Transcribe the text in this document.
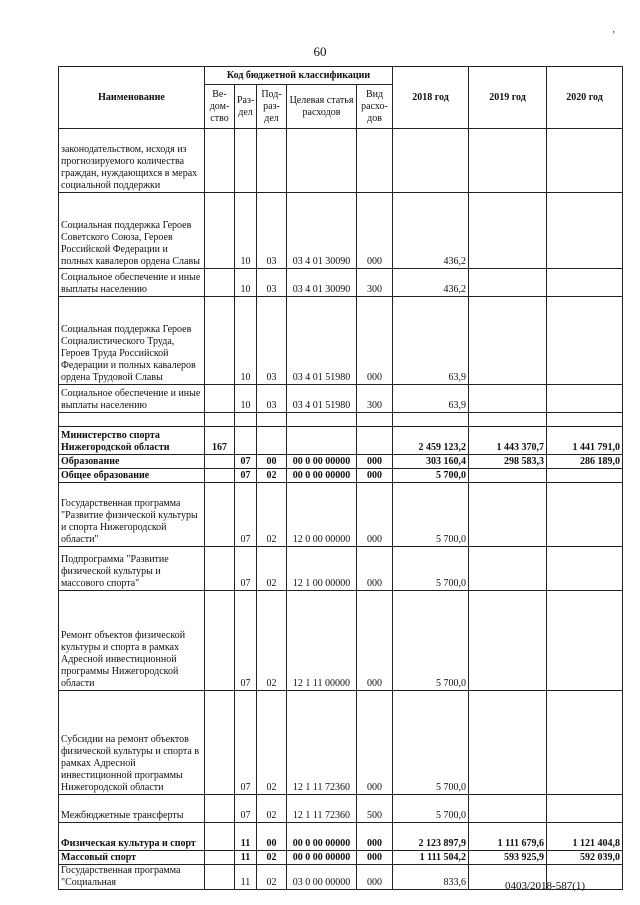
60
’
Наименование	Код бюджетной классификации					2018 год	2019 год	2020 год
	Ве- дом- ство	Раз- дел	Под- раз- дел	Целевая статья расходов	Вид расхо- дов			
законодательством, исходя из прогнозируемого количества граждан, нуждающихся в мерах социальной поддержки								
Социальная поддержка Героев Советского Союза, Героев Российской Федерации и полных кавалеров ордена Славы		10	03	03 4 01 30090	000	436,2		
Социальное обеспечение и иные выплаты населению		10	03	03 4 01 30090	300	436,2		
Социальная поддержка Героев Социалистического Труда, Героев Труда Российской Федерации и полных кавалеров ордена Трудовой Славы		10	03	03 4 01 51980	000	63,9		
Социальное обеспечение и иные выплаты населению		10	03	03 4 01 51980	300	63,9		

Министерство спорта Нижегородской области	167					2 459 123,2	1 443 370,7	1 441 791,0
Образование		07	00	00 0 00 00000	000	303 160,4	298 583,3	286 189,0
Общее образование		07	02	00 0 00 00000	000	5 700,0		
Государственная программа "Развитие физической культуры и спорта Нижегородской области"		07	02	12 0 00 00000	000	5 700,0		
Подпрограмма "Развитие физической культуры и массового спорта"		07	02	12 1 00 00000	000	5 700,0		
Ремонт объектов физической культуры и спорта в рамках Адресной инвестиционной программы Нижегородской области		07	02	12 1 11 00000	000	5 700,0		
Субсидии на ремонт объектов физической культуры и спорта в рамках Адресной инвестиционной программы Нижегородской области		07	02	12 1 11 72360	000	5 700,0		
Межбюджетные трансферты		07	02	12 1 11 72360	500	5 700,0		
Физическая культура и спорт		11	00	00 0 00 00000	000	2 123 897,9	1 111 679,6	1 121 404,8
Массовый спорт		11	02	00 0 00 00000	000	1 111 504,2	593 925,9	592 039,0
Государственная программа "Социальная		11	02	03 0 00 00000	000	833,6			0403/2018-587(1)
